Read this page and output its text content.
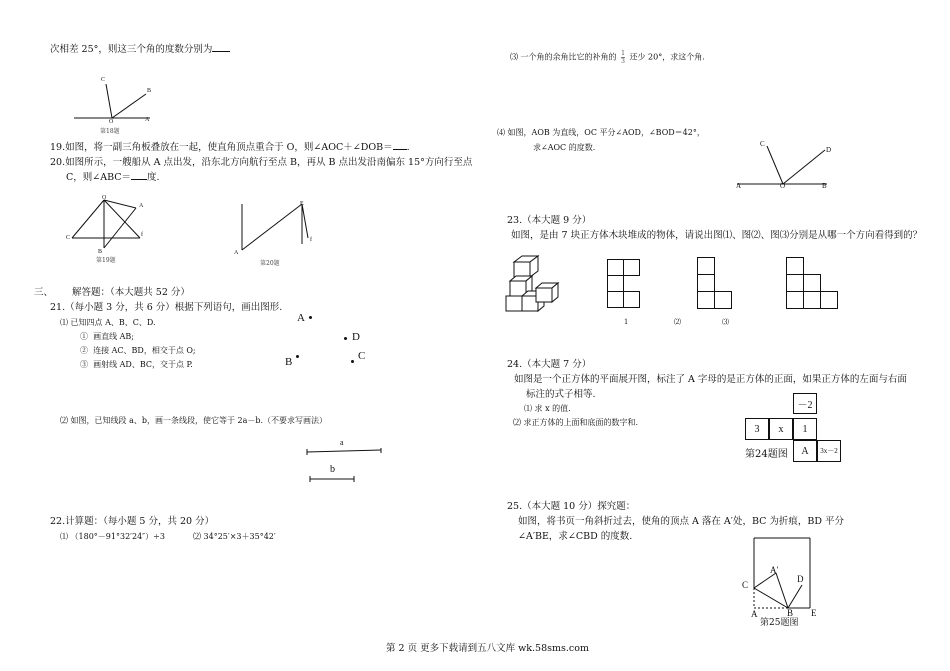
次相差 25°，则这三个角的度数分别为
C
B
O	A
第18题
19.如图，将一副三角板叠放在一起，使直角顶点重合于 O，则∠AOC＋∠DOB＝ .
20.如图所示，一艘船从 A 点出发，沿东北方向航行至点 B，再从 B 点出发沿南偏东 15°方向行至点
C，则∠ABC＝ 度.
O
A
C
B
f
第19题
E
A
f
第20题
三、 解答题：（本大题共 52 分）
21.（每小题 3 分，共 6 分）根据下列语句，画出图形.
⑴ 已知四点 A、B、C、D.
① 画直线 AB;
② 连接 AC、BD，相交于点 O;
③ 画射线 AD、BC，交于点 P.
A
D
B	C
⑵ 如图，已知线段 a、b，画一条线段，使它等于 2a－b.（不要求写画法）
a
b
22.计算题：（每小题 5 分，共 20 分）
⑴ （180°－91°32′24″）÷3	⑵ 34°25′×3＋35°42′
⑶ 一个角的余角比它的补角的 $\frac{1}{3}$ 还少 20°，求这个角.
⑷ 如图，AOB 为直线，OC 平分∠AOD，∠BOD＝42°，
求∠AOC 的度数.	C
D
A	O	B
23.（本大题 9 分）
如图，是由 7 块正方体木块堆成的物体，请说出图⑴、图⑵、图⑶分别是从哪一个方向看得到的？
1	⑵	⑶
24.（本大题 7 分）
如图是一个正方体的平面展开图，标注了 A 字母的是正方体的正面，如果正方体的左面与右面
标注的式子相等.
⑴ 求 x 的值.
⑵ 求正方体的上面和底面的数字和.
－2
3	x	1
A	3x－2
第24题图
25.（本大题 10 分）探究题：
如图，将书页一角斜折过去，使角的顶点 A 落在 A′处，BC 为折痕，BD 平分
∠A′BE，求∠CBD 的度数.
A′
D
C
A	B E
第25题图
第 2 页 更多下载请到五八文库 wk.58sms.com
